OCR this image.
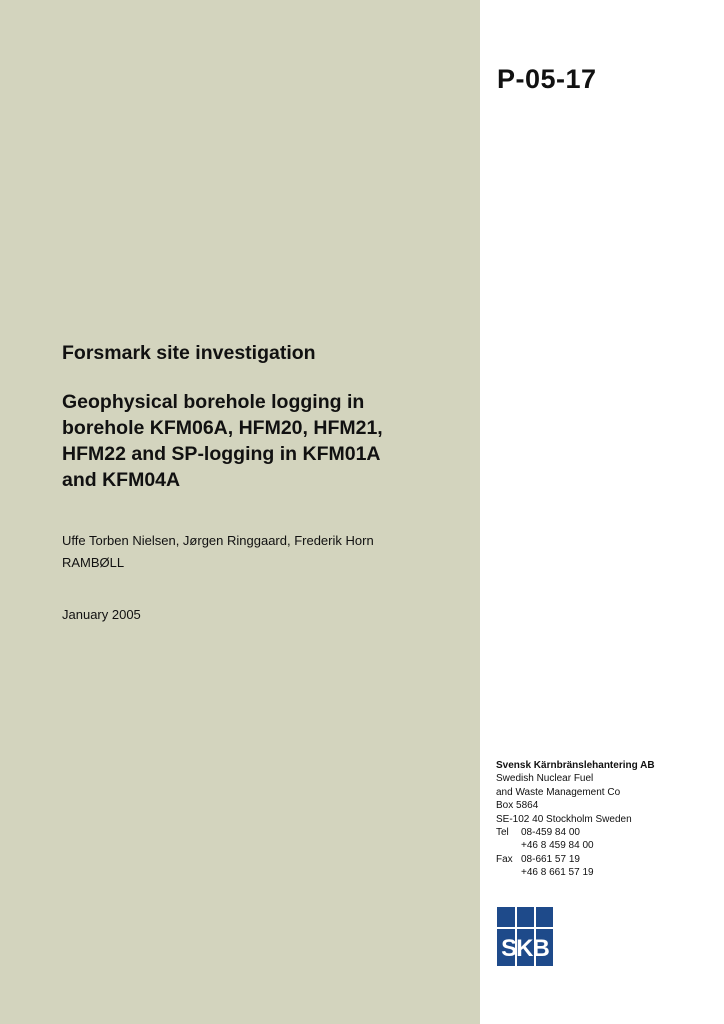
P-05-17
Forsmark site investigation
Geophysical borehole logging in
borehole KFM06A, HFM20, HFM21,
HFM22 and SP-logging in KFM01A
and KFM04A
Uffe Torben Nielsen, Jørgen Ringgaard, Frederik Horn
RAMBØLL
January 2005
Svensk Kärnbränslehantering AB
Swedish Nuclear Fuel
and Waste Management Co
Box 5864
SE-102 40 Stockholm Sweden
Tel	08-459 84 00
+46 8 459 84 00
Fax 08-661 57 19
+46 8 661 57 19
SKB
